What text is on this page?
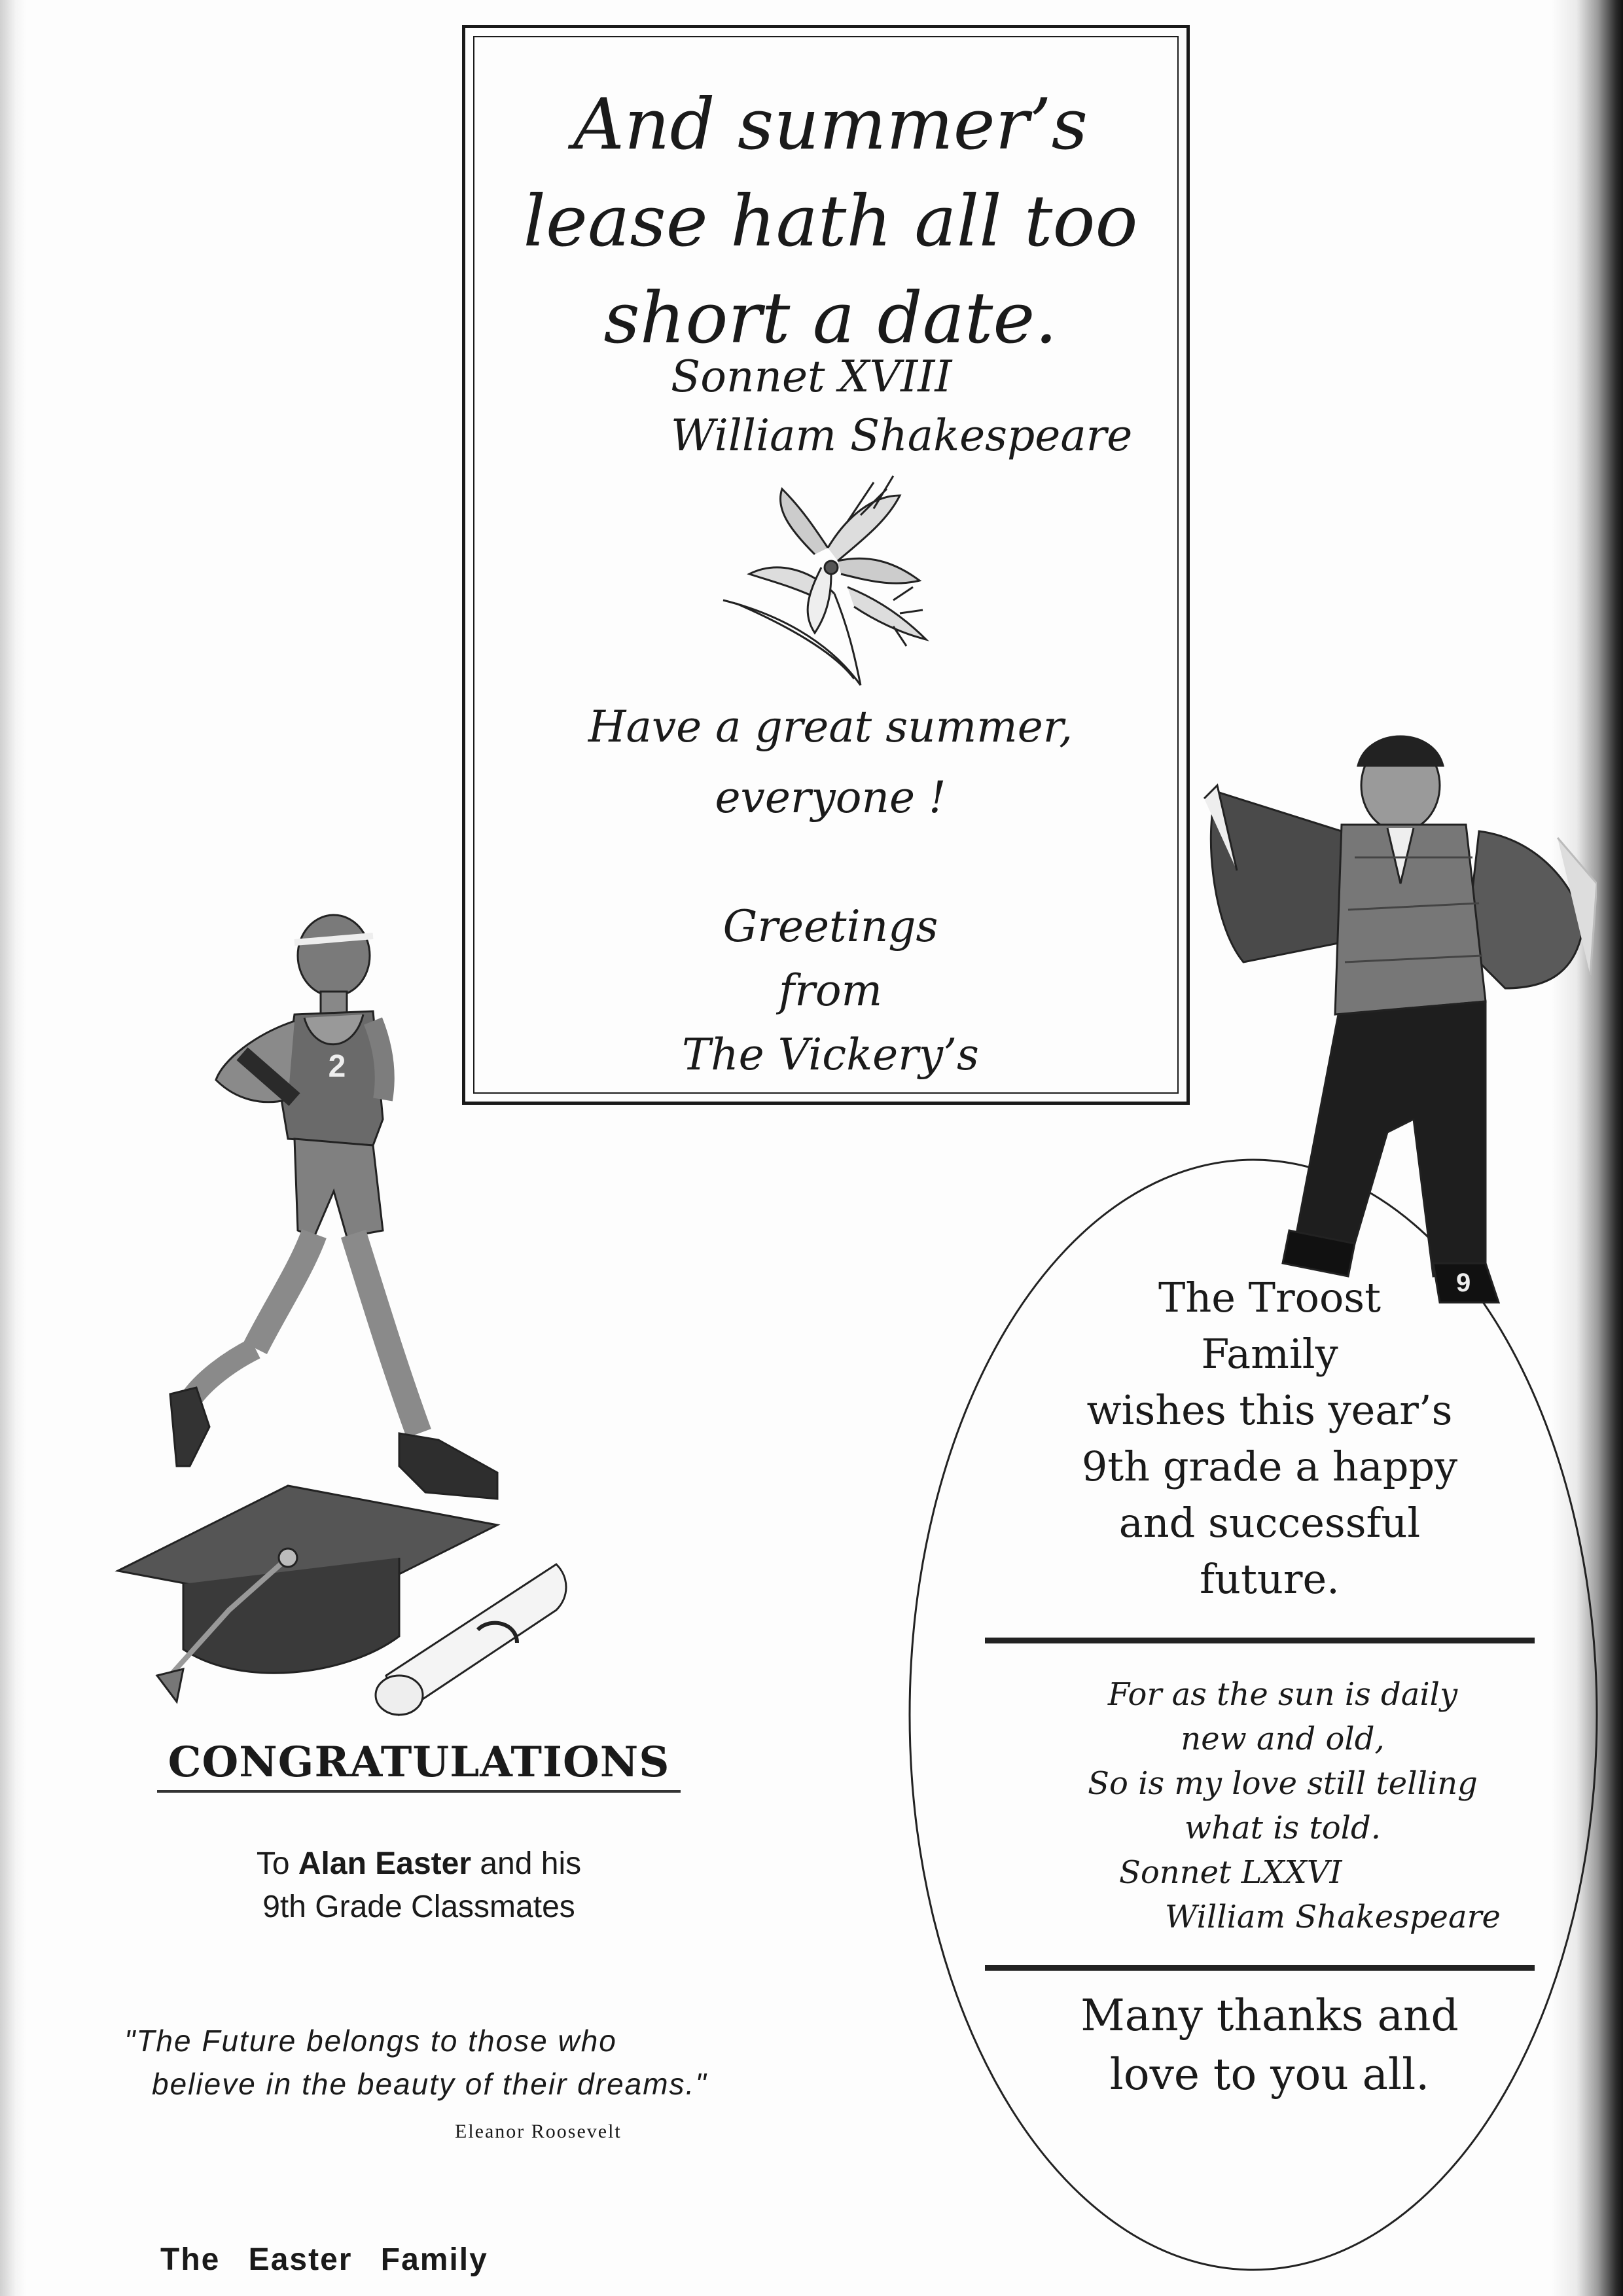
And summer’s
lease hath all too
short a date.
Sonnet XVIII
William Shakespeare
Have a great summer,
everyone !
Greetings
from
The Vickery’s
2
CONGRATULATIONS
To Alan Easter and his
9th Grade Classmates
"The Future belongs to those who
believe in the beauty of their dreams."
Eleanor Roosevelt
The Easter Family
9
The Troost
Family
wishes this year’s
9th grade a happy
and successful
future.
For as the sun is daily
new and old,
So is my love still telling
what is told.
Sonnet LXXVI
William Shakespeare
Many thanks and
love to you all.
